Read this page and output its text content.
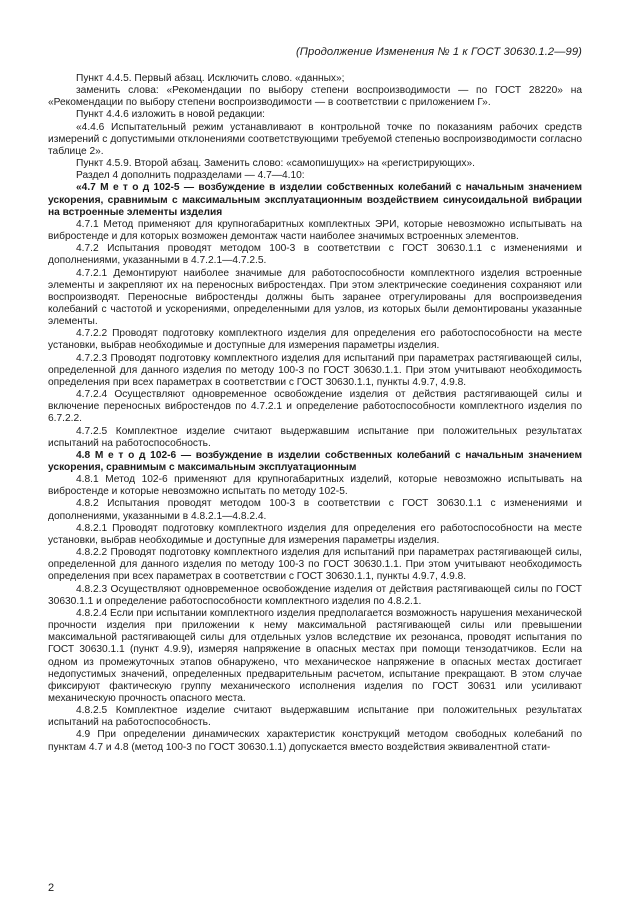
(Продолжение Изменения № 1 к ГОСТ 30630.1.2—99)

Пункт 4.4.5. Первый абзац. Исключить слово. «данных»;

заменить слова: «Рекомендации по выбору степени воспроизводимости — по ГОСТ 28220» на «Рекомендации по выбору степени воспроизводимости — в соответствии с приложением Г».

Пункт 4.4.6 изложить в новой редакции:

«4.4.6 Испытательный режим устанавливают в контрольной точке по показаниям рабочих средств измерений с допустимыми отклонениями соответствующими требуемой степенью воспроизводимости согласно таблице 2».

Пункт 4.5.9. Второй абзац. Заменить слово: «самопишущих» на «регистрирующих».

Раздел 4 дополнить подразделами — 4.7—4.10:

«4.7 М е т о д 102-5 — возбуждение в изделии собственных колебаний с начальным значением ускорения, сравнимым с максимальным эксплуатационным воздействием синусоидальной вибрации на встроенные элементы изделия

4.7.1 Метод применяют для крупногабаритных комплектных ЭРИ, которые невозможно испытывать на вибростенде и для которых возможен демонтаж части наиболее значимых встроенных элементов.

4.7.2 Испытания проводят методом 100-3 в соответствии с ГОСТ 30630.1.1 с изменениями и дополнениями, указанными в 4.7.2.1—4.7.2.5.

4.7.2.1 Демонтируют наиболее значимые для работоспособности комплектного изделия встроенные элементы и закрепляют их на переносных вибростендах. При этом электрические соединения сохраняют или воспроизводят. Переносные вибростенды должны быть заранее отрегулированы для воспроизведения колебаний с частотой и ускорениями, определенными для узлов, из которых были демонтированы указанные элементы.

4.7.2.2 Проводят подготовку комплектного изделия для определения его работоспособности на месте установки, выбрав необходимые и доступные для измерения параметры изделия.

4.7.2.3 Проводят подготовку комплектного изделия для испытаний при параметрах растягивающей силы, определенной для данного изделия по методу 100-3 по ГОСТ 30630.1.1. При этом учитывают необходимость определения при всех параметрах в соответствии с ГОСТ 30630.1.1, пункты 4.9.7, 4.9.8.

4.7.2.4 Осуществляют одновременное освобождение изделия от действия растягивающей силы и включение переносных вибростендов по 4.7.2.1 и определение работоспособности комплектного изделия по 6.7.2.2.

4.7.2.5 Комплектное изделие считают выдержавшим испытание при положительных результатах испытаний на работоспособность.

4.8 М е т о д 102-6 — возбуждение в изделии собственных колебаний с начальным значением ускорения, сравнимым с максимальным эксплуатационным

4.8.1 Метод 102-6 применяют для крупногабаритных изделий, которые невозможно испытывать на вибростенде и которые невозможно испытать по методу 102-5.

4.8.2 Испытания проводят методом 100-3 в соответствии с ГОСТ 30630.1.1 с изменениями и дополнениями, указанными в 4.8.2.1—4.8.2.4.

4.8.2.1 Проводят подготовку комплектного изделия для определения его работоспособности на месте установки, выбрав необходимые и доступные для измерения параметры изделия.

4.8.2.2 Проводят подготовку комплектного изделия для испытаний при параметрах растягивающей силы, определенной для данного изделия по методу 100-3 по ГОСТ 30630.1.1. При этом учитывают необходимость определения при всех параметрах в соответствии с ГОСТ 30630.1.1, пункты 4.9.7, 4.9.8.

4.8.2.3 Осуществляют одновременное освобождение изделия от действия растягивающей силы по ГОСТ 30630.1.1 и определение работоспособности комплектного изделия по 4.8.2.1.

4.8.2.4 Если при испытании комплектного изделия предполагается возможность нарушения механической прочности изделия при приложении к нему максимальной растягивающей силы или превышении максимальной растягивающей силы для отдельных узлов вследствие их резонанса, проводят испытания по ГОСТ 30630.1.1 (пункт 4.9.9), измеряя напряжение в опасных местах при помощи тензодатчиков. Если на одном из промежуточных этапов обнаружено, что механическое напряжение в опасных местах достигает недопустимых значений, определенных предварительным расчетом, испытание прекращают. В этом случае фиксируют фактическую группу механического исполнения изделия по ГОСТ 30631 или усиливают механическую прочность опасного места.

4.8.2.5 Комплектное изделие считают выдержавшим испытание при положительных результатах испытаний на работоспособность.

4.9 При определении динамических характеристик конструкций методом свободных колебаний по пунктам 4.7 и 4.8 (метод 100-3 по ГОСТ 30630.1.1) допускается вместо воздействия эквивалентной стати-

2
